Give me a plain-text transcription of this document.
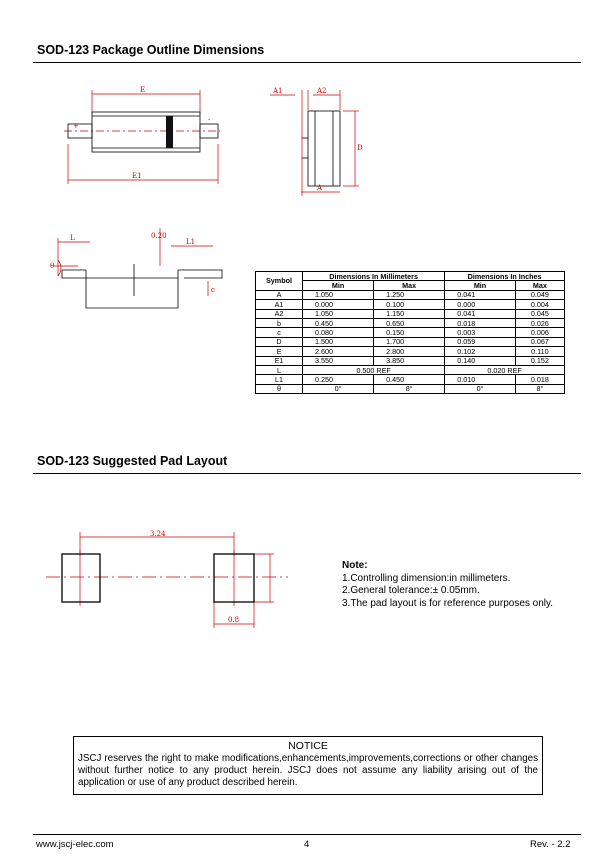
SOD-123 Package Outline Dimensions
+
-
E
E1
A1	A2
D
A
L	L1
θ
c
0.20
Symbol	Dimensions In Millimeters		Dimensions In Inches	
	Min	Max	Min	Max
A	1.050	1.250	0.041	0.049
A1	0.000	0.100	0.000	0.004
A2	1.050	1.150	0.041	0.045
b	0.450	0.650	0.018	0.026
c	0.080	0.150	0.003	0.006
D	1.500	1.700	0.059	0.067
E	2.600	2.800	0.102	0.110
E1	3.550	3.850	0.140	0.152
L	0.500 REF		0.020 REF	
L1	0.250	0.450	0.010	0.018
θ	0°	8°	0°	8°
SOD-123 Suggested Pad Layout
3.24
0.8
Note:
1.Controlling dimension:in millimeters.
2.General tolerance:± 0.05mm.
3.The pad layout is for reference purposes only.
NOTICE
JSCJ reserves the right to make modifications,enhancements,improvements,corrections or other changes without further notice to any product herein. JSCJ does not assume any liability arising out of the application or use of any product described herein.
www.jscj-elec.com	4	Rev. - 2.2
